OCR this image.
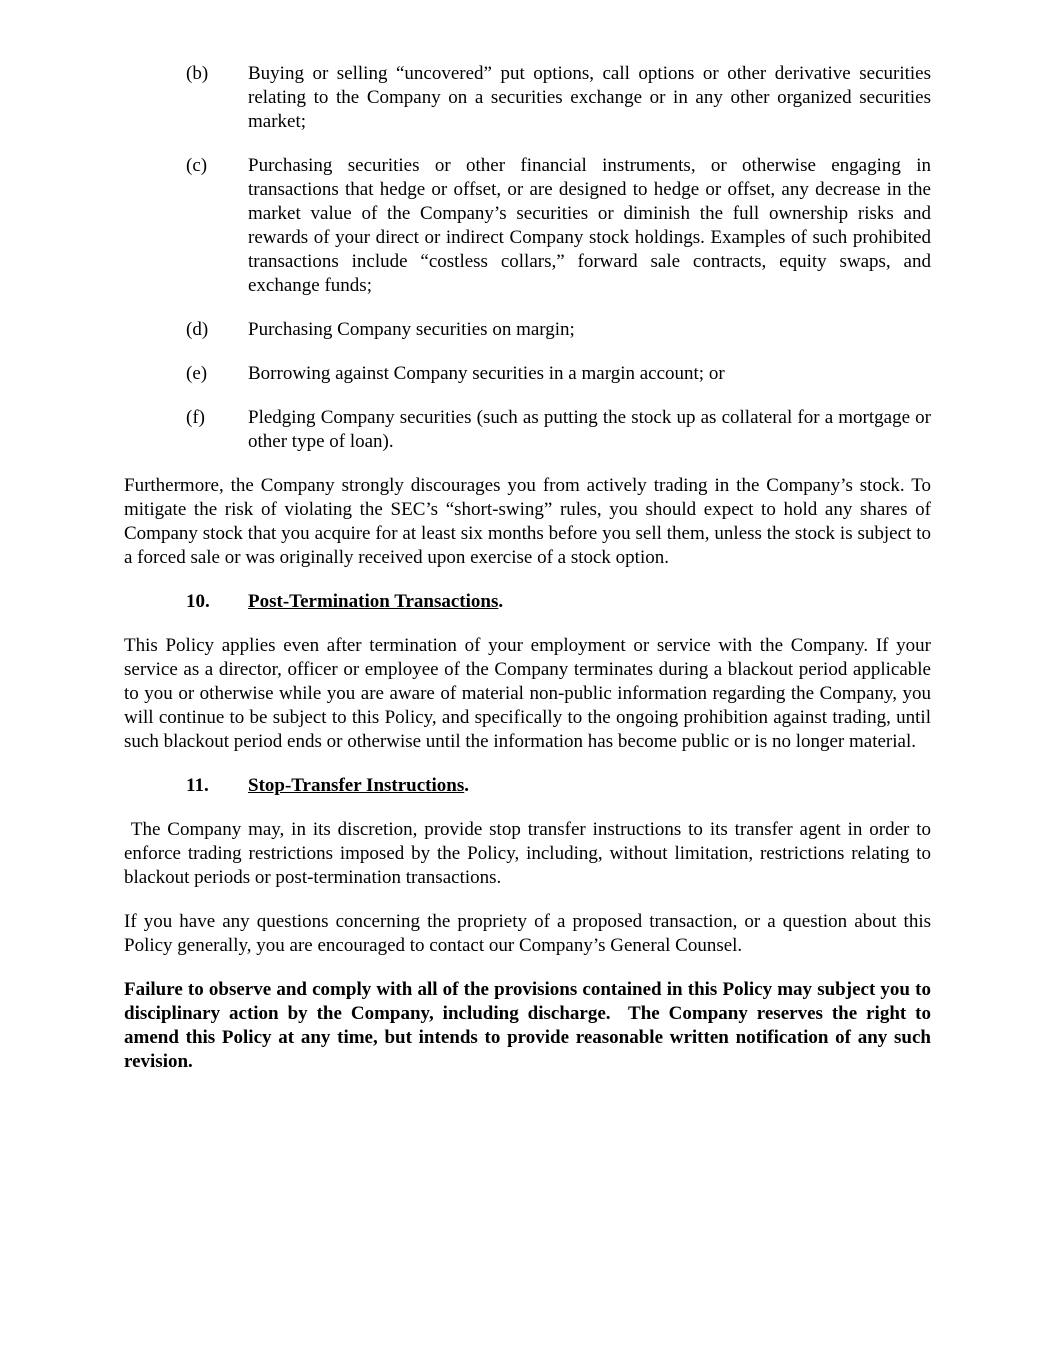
(b)	Buying or selling “uncovered” put options, call options or other derivative securities relating to the Company on a securities exchange or in any other organized securities market;
(c)	Purchasing securities or other financial instruments, or otherwise engaging in transactions that hedge or offset, or are designed to hedge or offset, any decrease in the market value of the Company’s securities or diminish the full ownership risks and rewards of your direct or indirect Company stock holdings. Examples of such prohibited transactions include “costless collars,” forward sale contracts, equity swaps, and exchange funds;
(d)	Purchasing Company securities on margin;
(e)	Borrowing against Company securities in a margin account; or
(f)	Pledging Company securities (such as putting the stock up as collateral for a mortgage or other type of loan).

Furthermore, the Company strongly discourages you from actively trading in the Company’s stock. To mitigate the risk of violating the SEC’s “short-swing” rules, you should expect to hold any shares of Company stock that you acquire for at least six months before you sell them, unless the stock is subject to a forced sale or was originally received upon exercise of a stock option.

10.	Post-Termination Transactions.

This Policy applies even after termination of your employment or service with the Company. If your service as a director, officer or employee of the Company terminates during a blackout period applicable to you or otherwise while you are aware of material non-public information regarding the Company, you will continue to be subject to this Policy, and specifically to the ongoing prohibition against trading, until such blackout period ends or otherwise until the information has become public or is no longer material.

11.	Stop-Transfer Instructions.

The Company may, in its discretion, provide stop transfer instructions to its transfer agent in order to enforce trading restrictions imposed by the Policy, including, without limitation, restrictions relating to blackout periods or post-termination transactions.

If you have any questions concerning the propriety of a proposed transaction, or a question about this Policy generally, you are encouraged to contact our Company’s General Counsel.

Failure to observe and comply with all of the provisions contained in this Policy may subject you to disciplinary action by the Company, including discharge.  The Company reserves the right to amend this Policy at any time, but intends to provide reasonable written notification of any such revision.
